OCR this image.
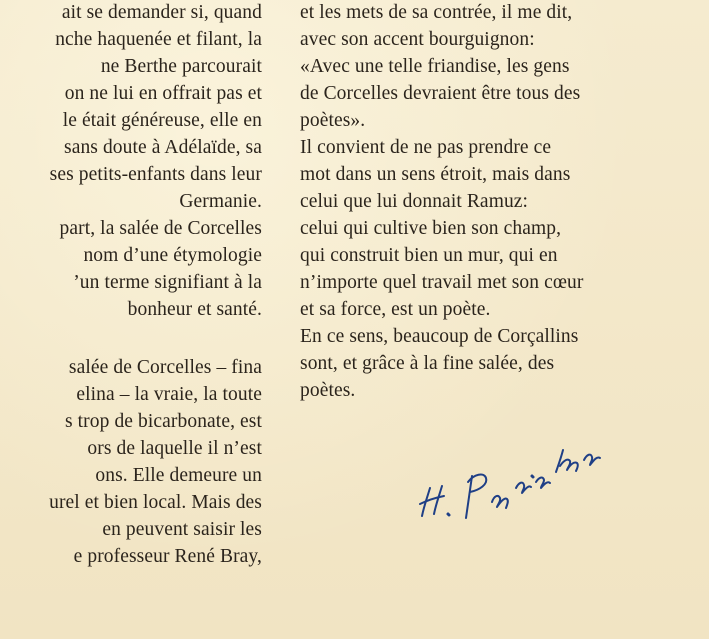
ait se demander si, quand
nche haquenée et filant, la
ne Berthe parcourait
on ne lui en offrait pas et
le était généreuse, elle en
sans doute à Adélaïde, sa
ses petits-enfants dans leur
Germanie.
part, la salée de Corcelles
nom d’une étymologie
’un terme signifiant à la
bonheur et santé.
salée de Corcelles – fina
elina – la vraie, la toute
s trop de bicarbonate, est
ors de laquelle il n’est
ons. Elle demeure un
urel et bien local. Mais des
en peuvent saisir les
e professeur René Bray,
et les mets de sa contrée, il me dit,
avec son accent bourguignon:
«Avec une telle friandise, les gens
de Corcelles devraient être tous des
poètes».
Il convient de ne pas prendre ce
mot dans un sens étroit, mais dans
celui que lui donnait Ramuz:
celui qui cultive bien son champ,
qui construit bien un mur, qui en
n’importe quel travail met son cœur
et sa force, est un poète.
En ce sens, beaucoup de Corçallins
sont, et grâce à la fine salée, des
poètes.
